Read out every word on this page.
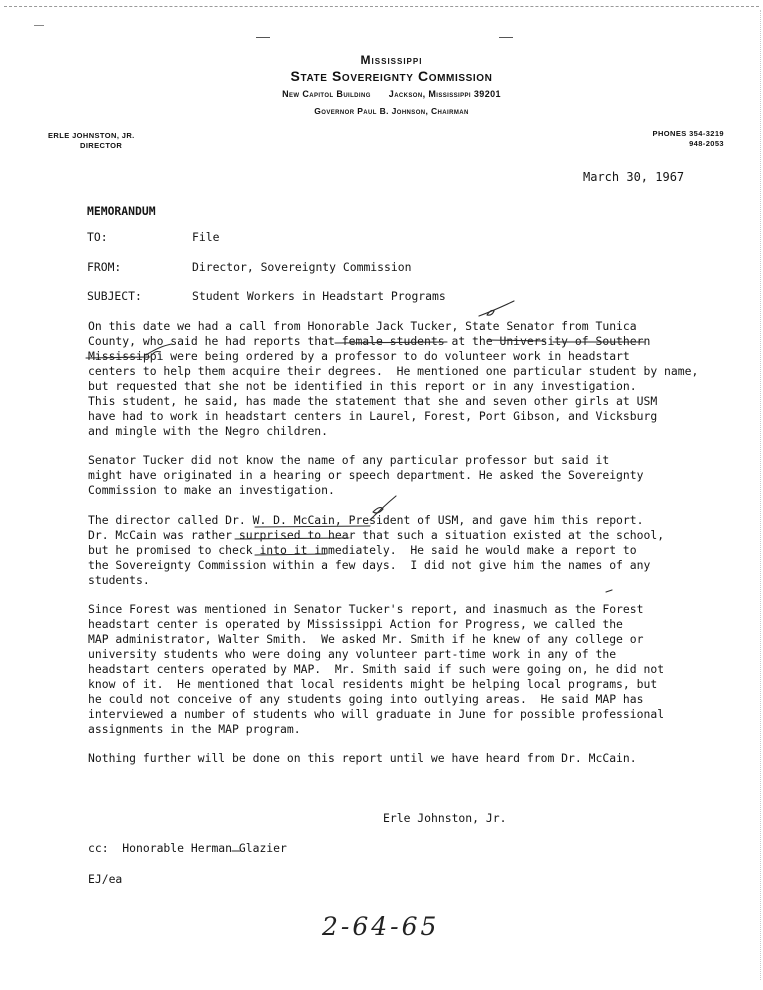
Mississippi
State Sovereignty Commission
New Capitol Building Jackson, Mississippi 39201
Governor Paul B. Johnson, Chairman
ERLE JOHNSTON, JR.
DIRECTOR
PHONES 354-3219
948-2053
March 30, 1967
MEMORANDUM
TO:	File
FROM:	Director, Sovereignty Commission
SUBJECT:	Student Workers in Headstart Programs
On this date we had a call from Honorable Jack Tucker, State Senator from Tunica
County, who said he had reports that female students at the University of Southern
Mississippi were being ordered by a professor to do volunteer work in headstart
centers to help them acquire their degrees.  He mentioned one particular student by name,
but requested that she not be identified in this report or in any investigation.
This student, he said, has made the statement that she and seven other girls at USM
have had to work in headstart centers in Laurel, Forest, Port Gibson, and Vicksburg
and mingle with the Negro children.
Senator Tucker did not know the name of any particular professor but said it
might have originated in a hearing or speech department. He asked the Sovereignty
Commission to make an investigation.
The director called Dr. W. D. McCain, President of USM, and gave him this report.
Dr. McCain was rather surprised to hear that such a situation existed at the school,
but he promised to check into it immediately.  He said he would make a report to
the Sovereignty Commission within a few days.  I did not give him the names of any
students.
Since Forest was mentioned in Senator Tucker's report, and inasmuch as the Forest
headstart center is operated by Mississippi Action for Progress, we called the
MAP administrator, Walter Smith.  We asked Mr. Smith if he knew of any college or
university students who were doing any volunteer part-time work in any of the
headstart centers operated by MAP.  Mr. Smith said if such were going on, he did not
know of it.  He mentioned that local residents might be helping local programs, but
he could not conceive of any students going into outlying areas.  He said MAP has
interviewed a number of students who will graduate in June for possible professional
assignments in the MAP program.
Nothing further will be done on this report until we have heard from Dr. McCain.
Erle Johnston, Jr.
cc:  Honorable Herman Glazier
EJ/ea
2-64-65
